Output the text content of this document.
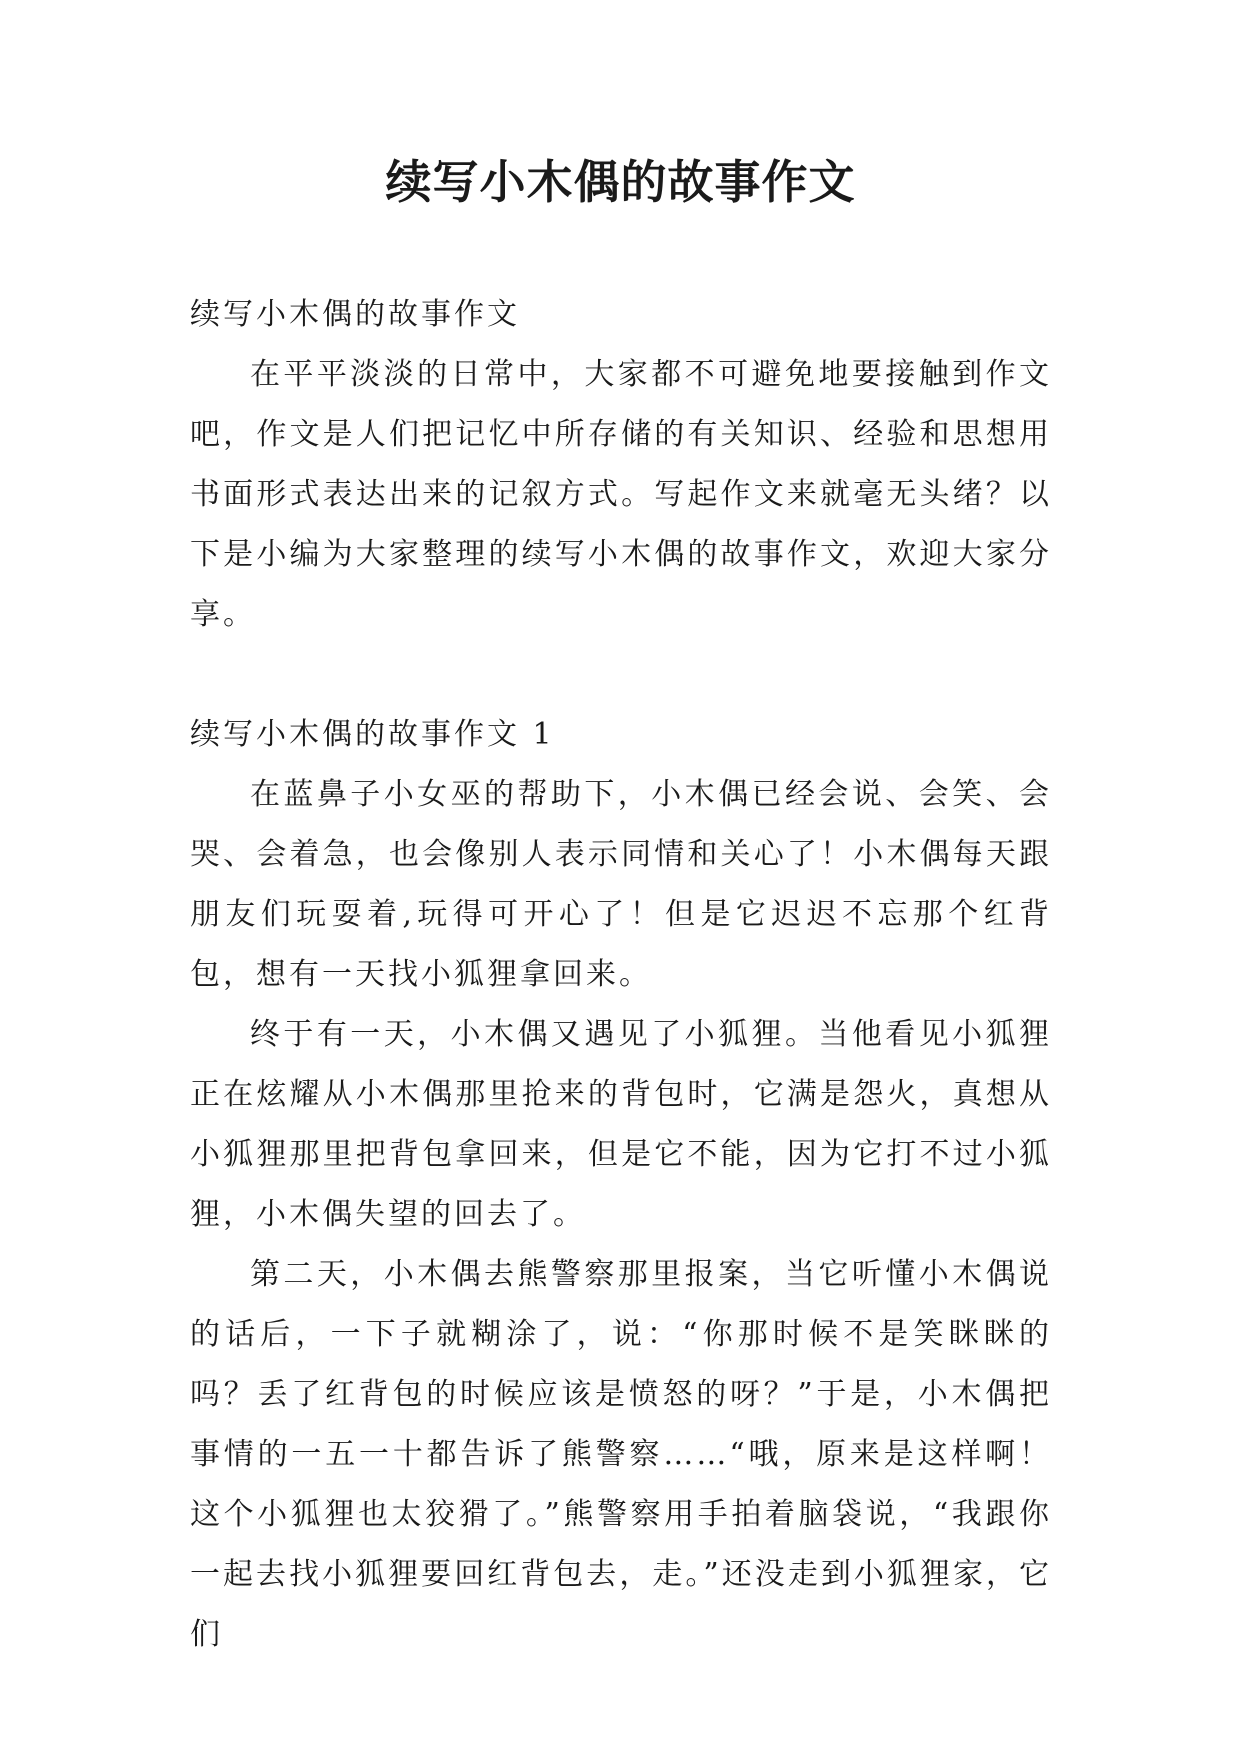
续写小木偶的故事作文

续写小木偶的故事作文

在平平淡淡的日常中，大家都不可避免地要接触到作文吧，作文是人们把记忆中所存储的有关知识、经验和思想用书面形式表达出来的记叙方式。写起作文来就毫无头绪？以下是小编为大家整理的续写小木偶的故事作文，欢迎大家分享。

续写小木偶的故事作文 1

在蓝鼻子小女巫的帮助下，小木偶已经会说、会笑、会哭、会着急，也会像别人表示同情和关心了！小木偶每天跟朋友们玩耍着,玩得可开心了！但是它迟迟不忘那个红背包，想有一天找小狐狸拿回来。

终于有一天，小木偶又遇见了小狐狸。当他看见小狐狸正在炫耀从小木偶那里抢来的背包时，它满是怨火，真想从小狐狸那里把背包拿回来，但是它不能，因为它打不过小狐狸，小木偶失望的回去了。

第二天，小木偶去熊警察那里报案，当它听懂小木偶说的话后，一下子就糊涂了，说：“你那时候不是笑眯眯的吗？丢了红背包的时候应该是愤怒的呀？”于是，小木偶把事情的一五一十都告诉了熊警察……“哦，原来是这样啊！这个小狐狸也太狡猾了。”熊警察用手拍着脑袋说，“我跟你一起去找小狐狸要回红背包去，走。”还没走到小狐狸家，它们
